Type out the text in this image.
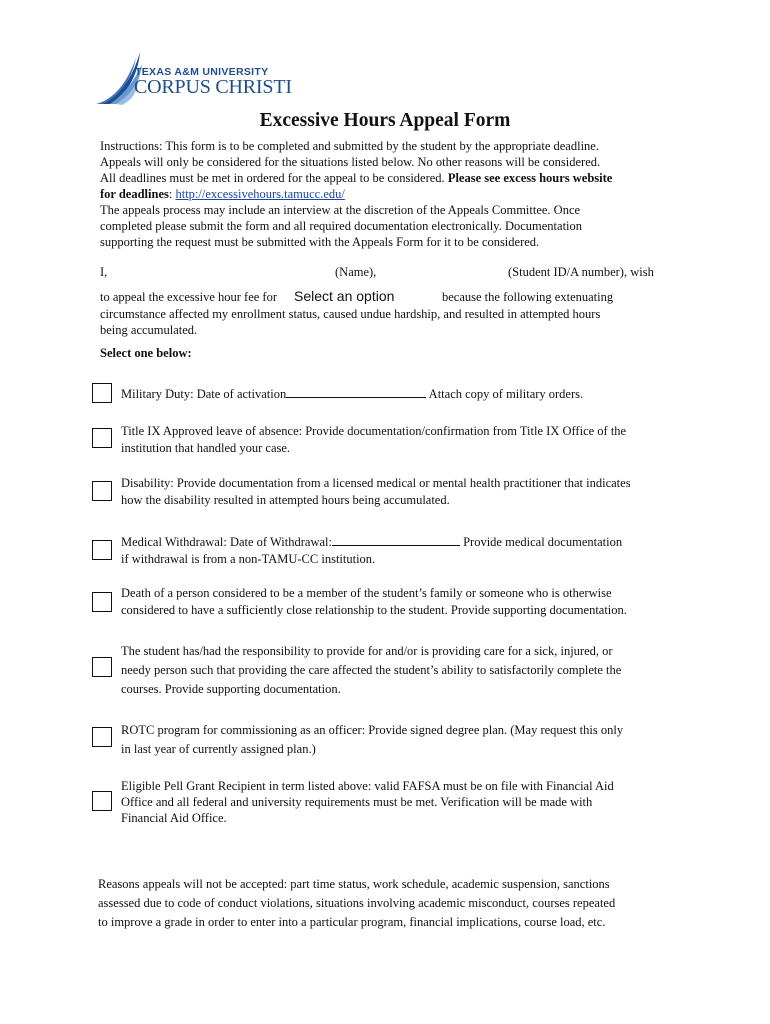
TEXAS A&M UNIVERSITY
CORPUS CHRISTI
Excessive Hours Appeal Form

Instructions: This form is to be completed and submitted by the student by the appropriate deadline.

Appeals will only be considered for the situations listed below. No other reasons will be considered.

All deadlines must be met in ordered for the appeal to be considered. Please see excess hours website

for deadlines: http://excessivehours.tamucc.edu/

The appeals process may include an interview at the discretion of the Appeals Committee. Once

completed please submit the form and all required documentation electronically. Documentation

supporting the request must be submitted with the Appeals Form for it to be considered.

I,	(Name),	(Student ID/A number), wish
to appeal the excessive hour fee for Select an option	because the following extenuating
circumstance affected my enrollment status, caused undue hardship, and resulted in attempted hours
being accumulated.
Select one below:
Military Duty: Date of activation	Attach copy of military orders.
Title IX Approved leave of absence: Provide documentation/confirmation from Title IX Office of the
institution that handled your case.
Disability: Provide documentation from a licensed medical or mental health practitioner that indicates
how the disability resulted in attempted hours being accumulated.
Medical Withdrawal: Date of Withdrawal:	Provide medical documentation
if withdrawal is from a non-TAMU-CC institution.
Death of a person considered to be a member of the student’s family or someone who is otherwise
considered to have a sufficiently close relationship to the student. Provide supporting documentation.
The student has/had the responsibility to provide for and/or is providing care for a sick, injured, or
needy person such that providing the care affected the student’s ability to satisfactorily complete the
courses. Provide supporting documentation.
ROTC program for commissioning as an officer: Provide signed degree plan. (May request this only
in last year of currently assigned plan.)
Eligible Pell Grant Recipient in term listed above: valid FAFSA must be on file with Financial Aid
Office and all federal and university requirements must be met. Verification will be made with
Financial Aid Office.
Reasons appeals will not be accepted: part time status, work schedule, academic suspension, sanctions
assessed due to code of conduct violations, situations involving academic misconduct, courses repeated
to improve a grade in order to enter into a particular program, financial implications, course load, etc.
